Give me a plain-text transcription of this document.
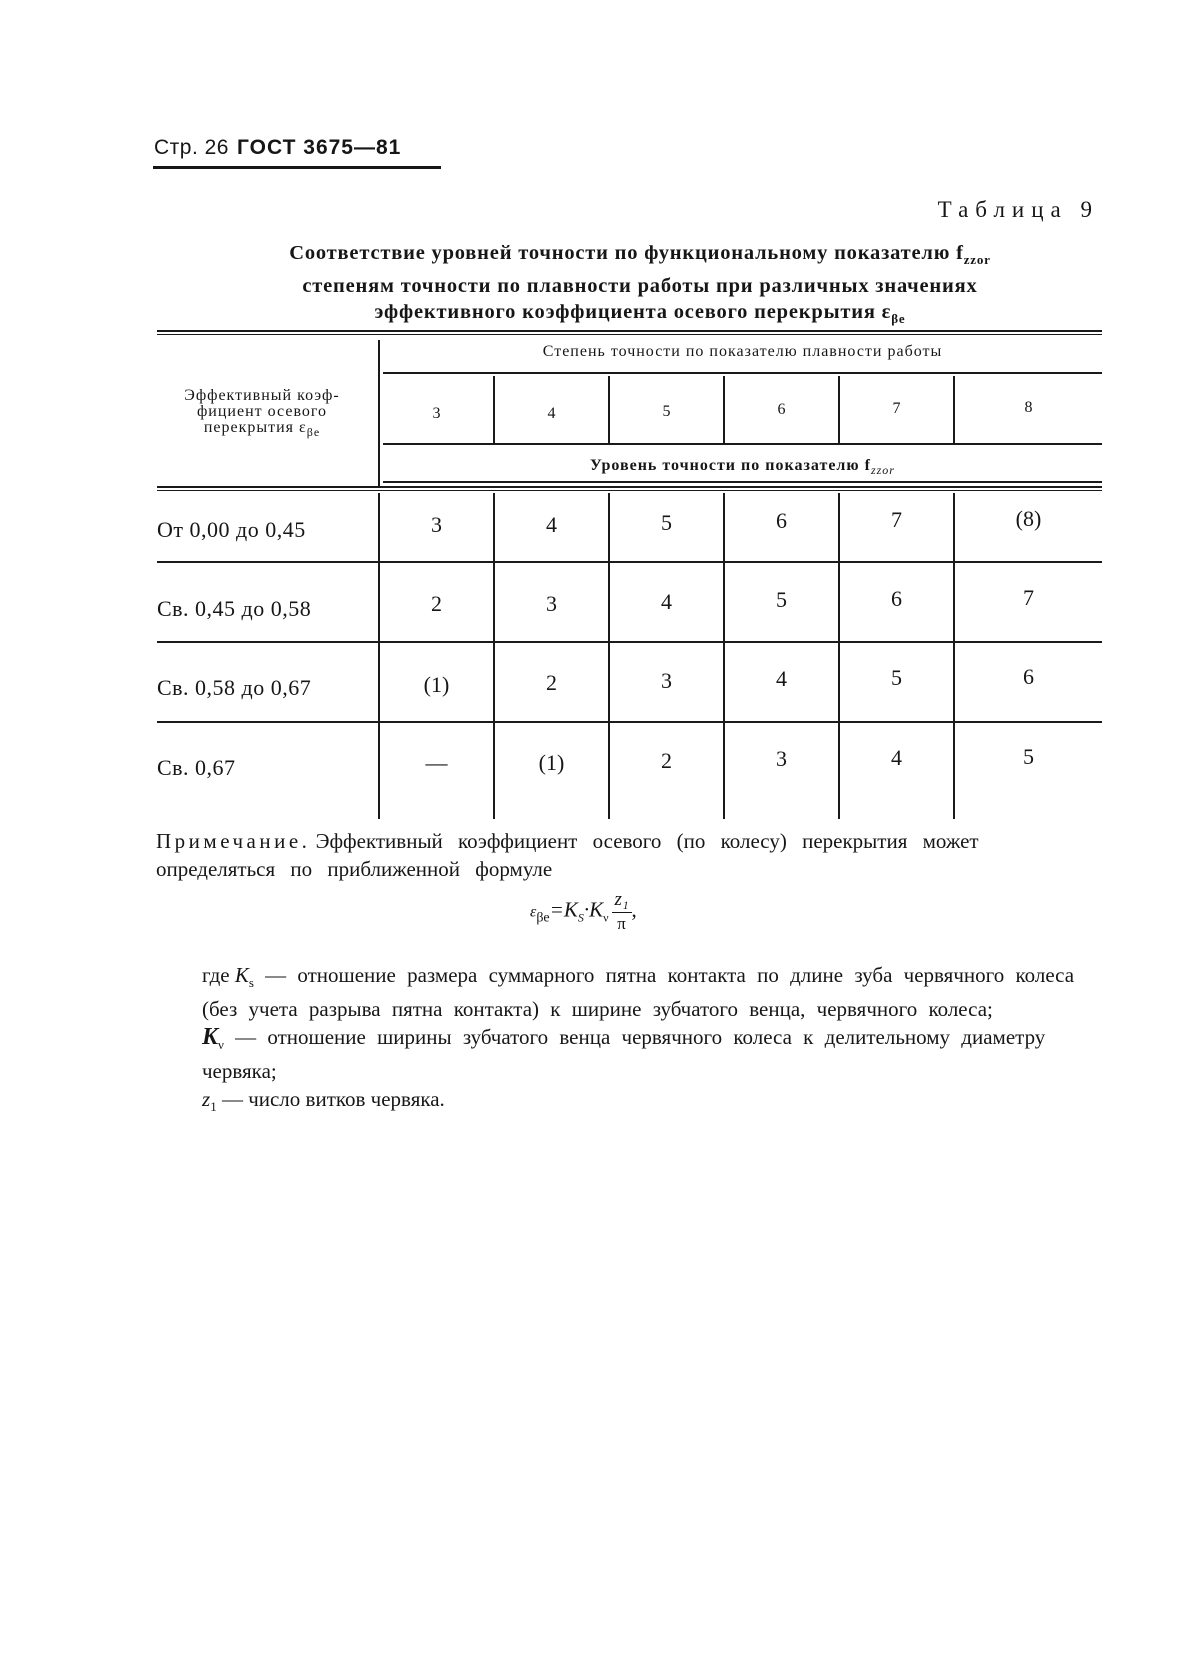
Стр. 26 ГОСТ 3675—81
Таблица 9
Соответствие уровней точности по функциональному показателю $f_{zzor}$
степеням точности по плавности работы при различных значениях
эффективного коэффициента осевого перекрытия $\varepsilon_{\beta e}$
Эффективный коэф-
фициент осевого
перекрытия $\varepsilon_{\beta e}$
Степень точности по показателю плавности работы
3	4	5	6	7	8
Уровень точности по показателю $f_{zzor}$
От 0,00 до 0,45	3	4	5	6	7	(8)
Св. 0,45 до 0,58	2	3	4	5	6	7
Св. 0,58 до 0,67	(1)	2	3	4	5	6
Св. 0,67	—	(1)	2	3	4	5
Примечание. Эффективный коэффициент осевого (по колесу) перекрытия может определяться по приближенной формуле
$\varepsilon_{\beta e}=K_S\cdot K_\nu \frac{\text{z₁}}{\pi}$ ,

где $K_s$ — отношение размера суммарного пятна контакта по длине зуба червячного колеса (без учета разрыва пятна контакта) к ширине зубчатого венца, червячного колеса;

$K_\nu$ — отношение ширины зубчатого венца червячного колеса к делительному диаметру червяка;

$z_1$ — число витков червяка.
